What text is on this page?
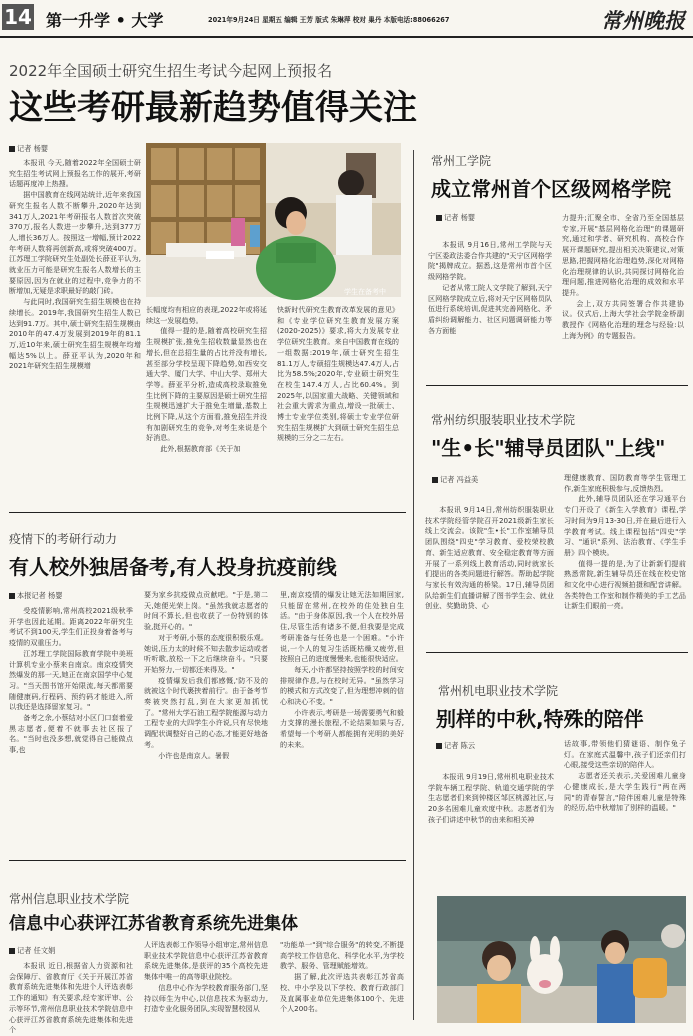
14 第一升学 • 大学	2021年9月24日 星期五 编辑 王芳 版式 朱琳萍 校对 巢丹 本版电话:88066267	常州晚报
2022年全国硕士研究生招生考试今起网上预报名
这些考研最新趋势值得关注
记者 杨婴
学生在备考中

本报讯 今天,随着2022年全国硕士研究生招生考试网上预报名工作的展开,考研话题再度冲上热搜。

据中国教育在线网站统计,近年来我国研究生报名人数不断攀升,2020年达到341万人,2021年考研报名人数首次突破370万,报名人数进一步攀升,达到377万人,增长36万人。按照这一增幅,预计2022年考研人数将再创新高,或将突破400万。江苏理工学院研究生处副处长薛亚平认为,就业压力可能是研究生报名人数增长的主要原因,因为在就业的过程中,竞争力的不断增加,无疑是求职最好的敲门砖。

与此同时,我国研究生招生规模也在持续增长。2019年,我国研究生招生人数已达到91.7万。其中,硕士研究生招生规模由2010年的47.4万发展到2019年的81.1万,近10年来,硕士研究生招生规模年均增幅达5%以上。薛亚平认为,2020年和2021年研究生招生规模增

长幅度均有相应的表现,2022年或将延续这一发展趋势。

值得一提的是,随着高校研究生招生规模扩张,推免生招收数量显然也在增长,但在总招生量的占比并没有增长,甚至部分学校呈现下降趋势,如西安交通大学、厦门大学、中山大学、郑州大学等。薛亚平分析,造成高校录取推免生比例下降的主要原因是硕士研究生招生规模迅速扩大于推免生增量,基数上比例下降,从这个方面看,推免招生并没有加剧研究生的竞争,对考生来说是个好消息。

此外,根据教育部《关于加

快新时代研究生教育改革发展的意见》和《专业学位研究生教育发展方案(2020-2025)》要求,将大力发展专业学位研究生教育。来自中国教育在线的一组数据:2019年,硕士研究生招生81.1万人,专硕招生规模达47.4万人,占比为58.5%;2020年,专业硕士研究生在校生147.4万人,占比60.4%。到2025年,以国家重大战略、关键领域和社会重大需求为重点,增设一批硕士、博士专业学位类别,将硕士专业学位研究生招生规模扩大到硕士研究生招生总规模的三分之二左右。

常州工学院
成立常州首个区级网格学院
记者 杨婴

本报讯 9月16日,常州工学院与天宁区委政法委合作共建的"天宁区网格学院"揭牌成立。据悉,这是常州市首个区级网格学院。

记者从常工院人文学院了解到,天宁区网格学院成立后,将对天宁区网格员队伍进行系统培训,促进其完善网格化、矛盾纠纷调解能力、社区问题调研能力等各方面能

力提升;汇聚全市、全省乃至全国基层专家,开展"基层网格化治理"的课题研究,通过和学者、研究机构、高校合作展开课题研究,提出相关决策建议,对策思路,把握网格化治理趋势,深化对网格化治理规律的认识,共同探讨网格化治理问题,推进网格化治理的成效和水平提升。

会上,双方共同签署合作共建协议。仪式后,上海大学社会学院金桥副教授作《网格化治理的理念与经验:以上海为例》的专题报告。

常州纺织服装职业技术学院
"生•长"辅导员团队"上线"
记者 冯益美

本报讯 9月14日,常州纺织服装职业技术学院经管学院召开2021级新生家长线上交流会。该院"生•长"工作室辅导员团队围绕"四史"学习教育、爱校荣校教育、新生适应教育、安全稳定教育等方面开展了一系列线上教育活动,同时就家长们提出的各类问题进行解答。帮助起学院与家长有效沟通的桥梁。17日,辅导员团队给新生们直播讲解了图书学生会、就业创业、奖勤助贷、心

理健康教育、国防教育等学生管理工作,新生家庭积极参与,反馈热烈。

此外,辅导员团队还在学习通平台专门开设了《新生入学教育》课程,学习时间为9月13-30日,并在最后进行入学教育考试。线上课程包括"四史"学习、"通识"系列、法治教育、《学生手册》四个模块。

值得一提的是,为了让新新们提前熟悉常院,新生辅导员还在线在校史馆和文化中心进行视频拍摄和配音讲解。各类特色工作室和制作精美的手工艺品让新生们眼前一亮。

常州机电职业技术学院
别样的中秋,特殊的陪伴
记者 陈云

本报讯 9月19日,常州机电职业技术学院车辆工程学院、轨道交通学院的学生志愿者们来到钟楼区邹区桃源社区,与20多名困难儿童欢度中秋。志愿者们为孩子们讲述中秋节的由来和相关神

话故事,带领他们猜谜语、制作兔子灯。在家庭式温馨中,孩子们还亲们打心眼,接受这些亲切的陪伴人。

志愿者还关表示,关爱困难儿童身心健康成长,是大学生践行"两在两同"的青春誓言,"陪伴困难儿童是特殊的经历,给中秋增加了别样的温暖。"

疫情下的考研行动力
有人校外独居备考,有人投身抗疫前线
本报记者 杨婴

受疫情影响,常州高校2021级秋季开学也因此延期。距离2022年研究生考试不到100天,学生们正投身着备考与疫情的双重压力。

江苏理工学院国际教育学院中美班计算机专业小蔡来自南京。南京疫情突然爆发的那一天,她正在南京国学中心复习。"当天图书馆开始限流,每天都需要随健康码,行程码、预约码才能进入,所以我还是选择留家复习。"

备考之余,小蔡结对小区门口套着爱黑志愿者,便着不就事去社区报了名。"当时也没多想,就觉得自己能做点事,也

要为家乡抗疫做点贡献吧。"于是,第二天,她便光荣上岗。"虽然我就志愿者的时间不算长,但也收获了一份特别的体验,挺开心的。"

对于考研,小蔡的态度很积极乐观。她说,压力太的时候不知去散步运动或者听听歌,放松一下之后继续奋斗。"只要开始努力,一切都还来得及。"

疫情爆发后我们都感慨,'防不及的就被这个时代裹挟着前行'。由于备考节奏被突然打乱,到在大家更加抓忧了。"常州大学石油工程学院能源与动力工程专业的大四学生小许说,只有尽快地调配状调整好自己的心态,才能更好地备考。

小许也是南京人。暑假

里,南京疫情的爆发让她无法如期回家,只能留在常州,在校外的住处独自生活。"由于身体原因,我一个人在校外居住,尽管生活有诸多不便,但我要是完成考研准备与任务也是一个困难。"小许说,一个人的复习生活既枯燥又疲劳,但按照自己的进度慢慢来,也能很快适应。

每天,小许都坚持按照学校的时间安排规律作息,与在校时无异。"虽然学习的模式和方式改变了,但为理想冲刺的信心和决心不变。"

小许表示,考研是一场需要勇气和毅力支撑的漫长旅程,不论结果如果与否,希望每一个考研人都能拥有光明的美好的未来。

常州信息职业技术学院
信息中心获评江苏省教育系统先进集体
记者 任文娟

本报讯 近日,根据省人力资源和社会保障厅、省教育厅《关于开展江苏省教育系统先进集体和先进个人评选表彰工作的通知》有关要求,经专家评审、公示等环节,常州信息职业技术学院信息中心获评江苏省教育系统先进集体和先进个

人评选表彰工作领导小组审定,常州信息职业技术学院信息中心获评江苏省教育系统先进集体,是获评的35个高校先进集体中唯一的高等职业院校。

信息中心作为学校教育服务部门,坚持以师生为中心,以信息技术为驱动力,打造专业化服务团队,实现智慧校园从

"功能单一"到"综合服务"的转变,不断提高学校工作信息化、科学化水平,为学校教学、服务、管理赋能增效。

据了解,此次评选共表彰江苏省高校、中小学及以下学校、教育行政部门及直属事业单位先进集体100个、先进个人200名。
